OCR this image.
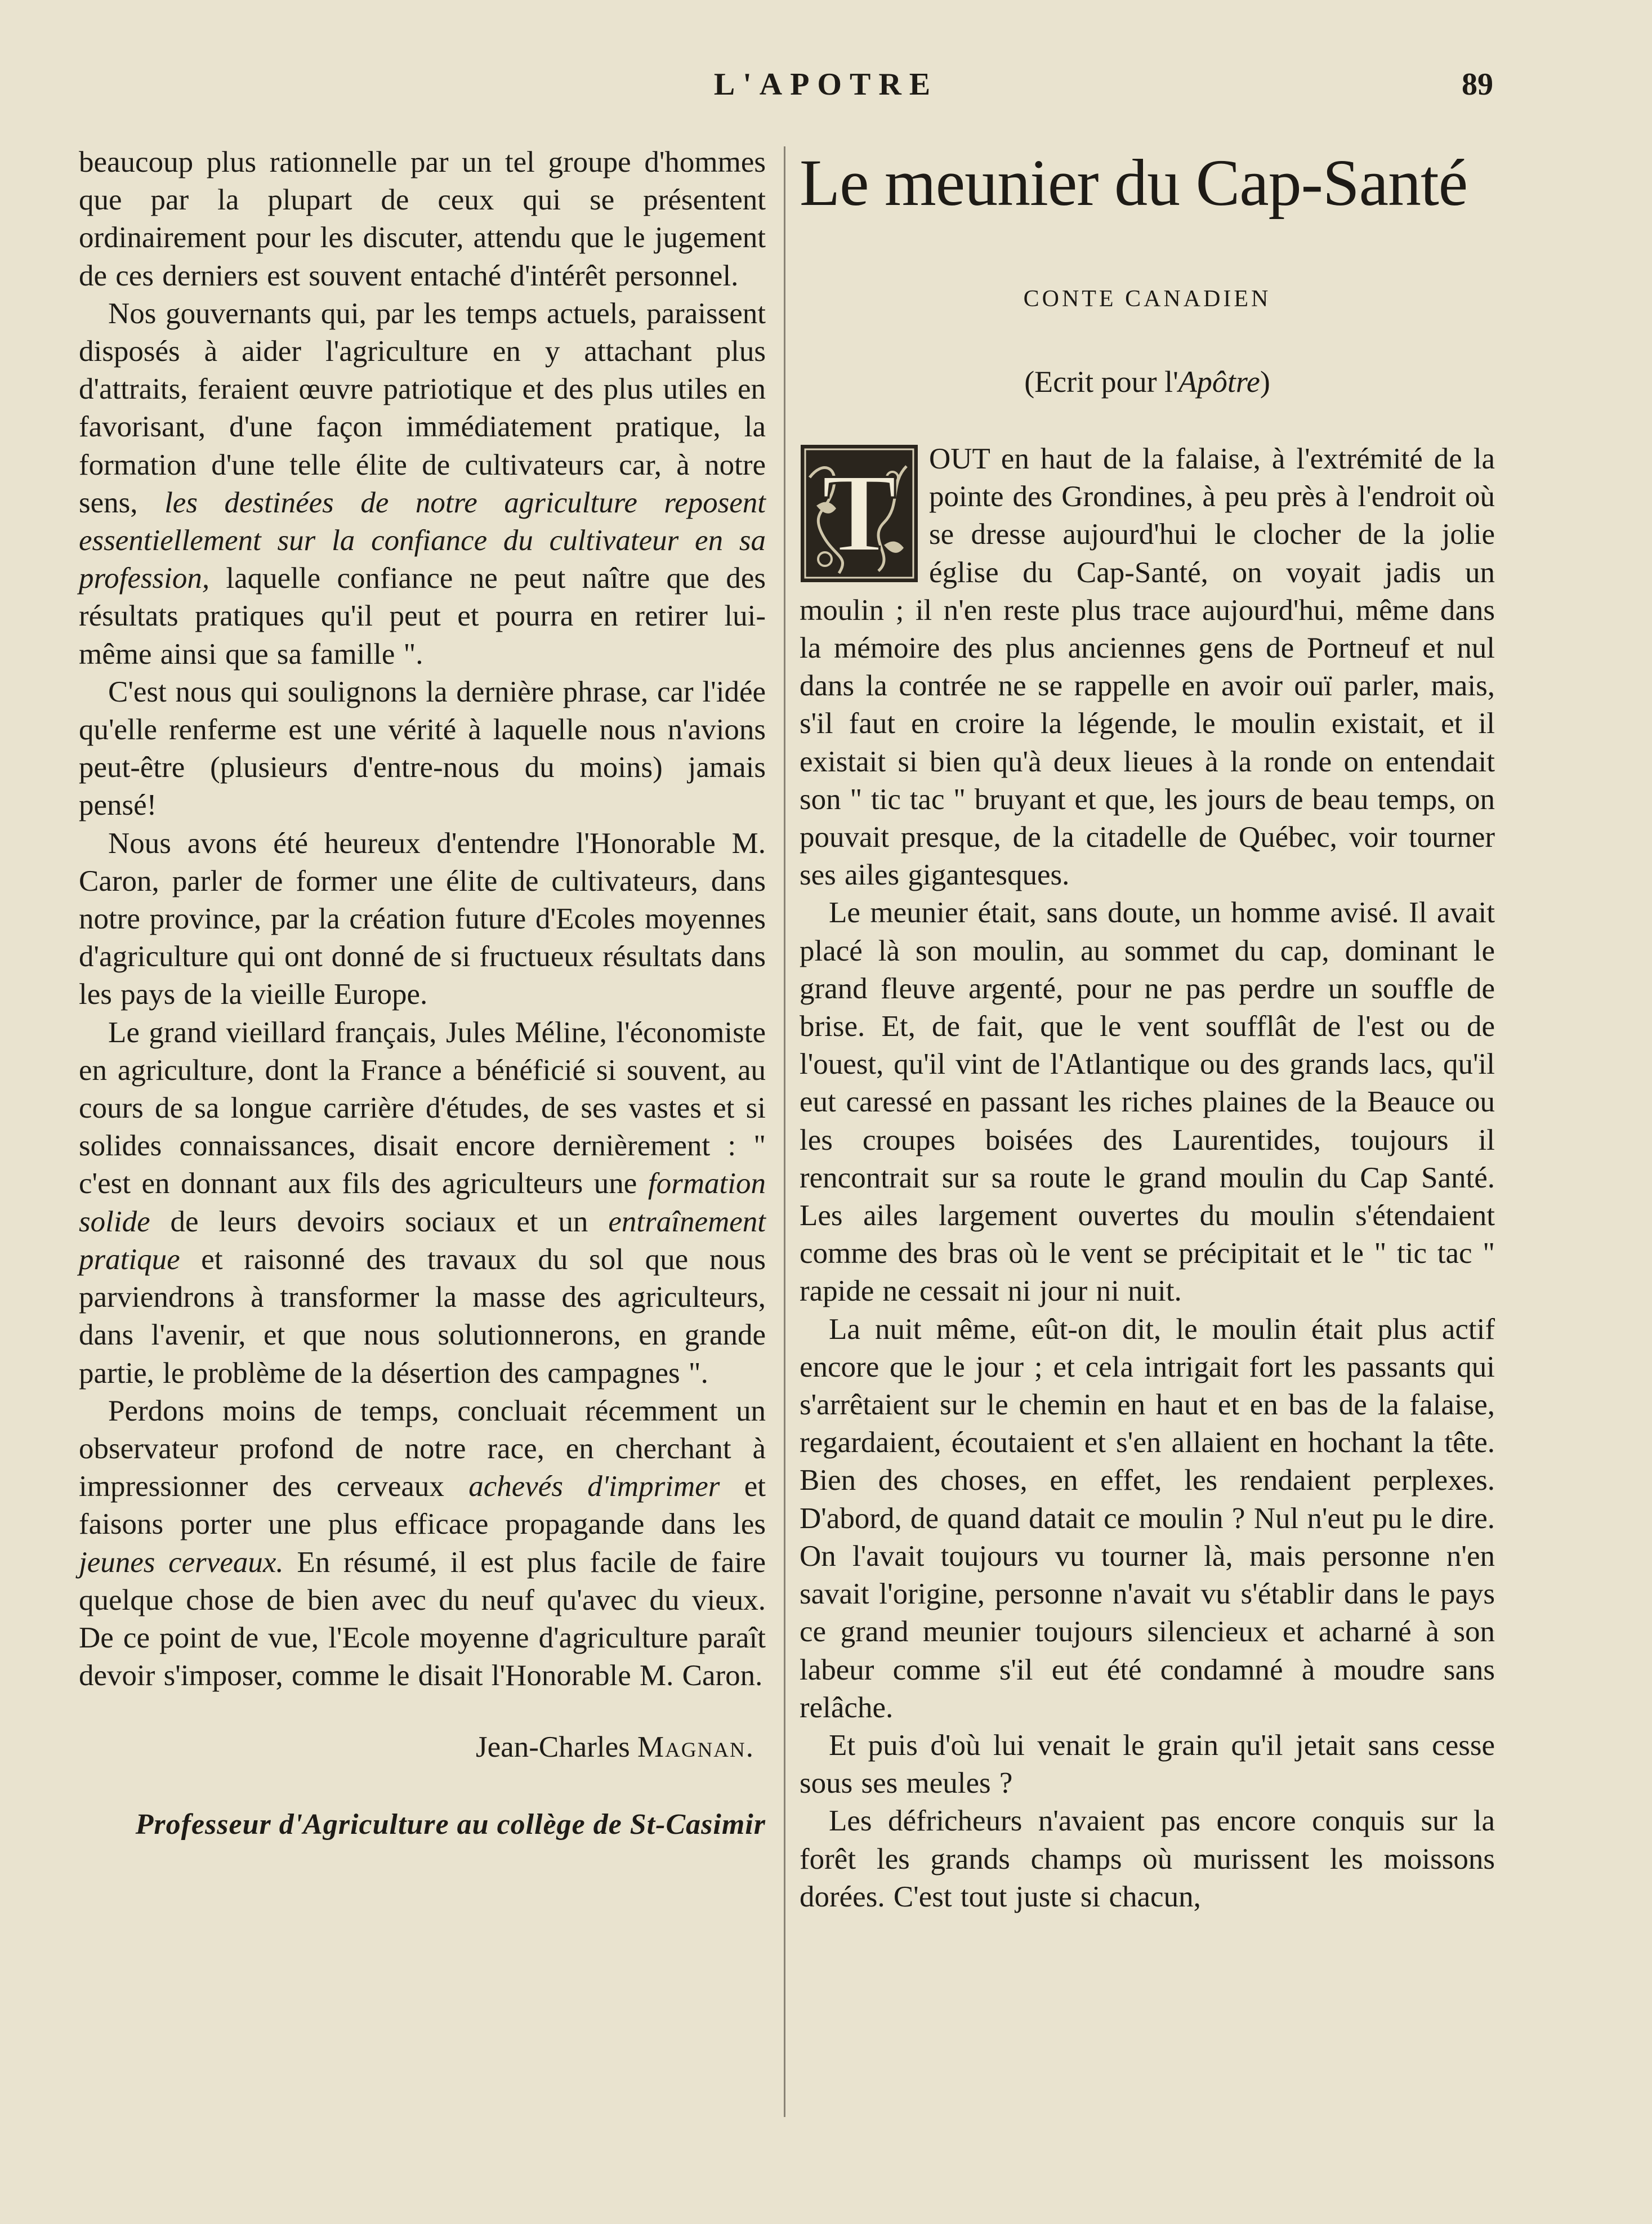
L'APOTRE	89

beaucoup plus rationnelle par un tel groupe d'hommes que par la plupart de ceux qui se présentent ordinairement pour les discuter, attendu que le jugement de ces derniers est souvent entaché d'intérêt personnel.

Nos gouvernants qui, par les temps actuels, paraissent disposés à aider l'agriculture en y attachant plus d'attraits, feraient œuvre patriotique et des plus utiles en favorisant, d'une façon immédiatement pratique, la formation d'une telle élite de cultivateurs car, à notre sens, les destinées de notre agriculture reposent essentiellement sur la confiance du cultivateur en sa profession, laquelle confiance ne peut naître que des résultats pratiques qu'il peut et pourra en retirer lui-même ainsi que sa famille ".

C'est nous qui soulignons la dernière phrase, car l'idée qu'elle renferme est une vérité à laquelle nous n'avions peut-être (plusieurs d'entre-nous du moins) jamais pensé!

Nous avons été heureux d'entendre l'Honorable M. Caron, parler de former une élite de cultivateurs, dans notre province, par la création future d'Ecoles moyennes d'agriculture qui ont donné de si fructueux résultats dans les pays de la vieille Europe.

Le grand vieillard français, Jules Méline, l'économiste en agriculture, dont la France a bénéficié si souvent, au cours de sa longue carrière d'études, de ses vastes et si solides connaissances, disait encore dernièrement : " c'est en donnant aux fils des agriculteurs une formation solide de leurs devoirs sociaux et un entraînement pratique et raisonné des travaux du sol que nous parviendrons à transformer la masse des agriculteurs, dans l'avenir, et que nous solutionnerons, en grande partie, le problème de la désertion des campagnes ".

Perdons moins de temps, concluait récemment un observateur profond de notre race, en cherchant à impressionner des cerveaux achevés d'imprimer et faisons porter une plus efficace propagande dans les jeunes cerveaux. En résumé, il est plus facile de faire quelque chose de bien avec du neuf qu'avec du vieux. De ce point de vue, l'Ecole moyenne d'agriculture paraît devoir s'imposer, comme le disait l'Honorable M. Caron.

Jean-Charles Magnan.

Professeur d'Agriculture au collège de St-Casimir

Le meunier du Cap-Santé

CONTE CANADIEN

(Ecrit pour l'Apôtre)

T	OUT en haut de la falaise, à l'extrémité de la pointe des Grondines, à peu près à l'endroit où se dresse aujourd'hui le clocher de la jolie église du Cap-Santé, on voyait jadis un moulin ; il n'en reste plus trace aujourd'hui, même dans la mémoire des plus anciennes gens de Portneuf et nul dans la contrée ne se rappelle en avoir ouï parler, mais, s'il faut en croire la légende, le moulin existait, et il existait si bien qu'à deux lieues à la ronde on entendait son " tic tac " bruyant et que, les jours de beau temps, on pouvait presque, de la citadelle de Québec, voir tourner ses ailes gigantesques.

Le meunier était, sans doute, un homme avisé. Il avait placé là son moulin, au sommet du cap, dominant le grand fleuve argenté, pour ne pas perdre un souffle de brise. Et, de fait, que le vent soufflât de l'est ou de l'ouest, qu'il vint de l'Atlantique ou des grands lacs, qu'il eut caressé en passant les riches plaines de la Beauce ou les croupes boisées des Laurentides, toujours il rencontrait sur sa route le grand moulin du Cap Santé. Les ailes largement ouvertes du moulin s'étendaient comme des bras où le vent se précipitait et le " tic tac " rapide ne cessait ni jour ni nuit.

La nuit même, eût-on dit, le moulin était plus actif encore que le jour ; et cela intrigait fort les passants qui s'arrêtaient sur le chemin en haut et en bas de la falaise, regardaient, écoutaient et s'en allaient en hochant la tête. Bien des choses, en effet, les rendaient perplexes. D'abord, de quand datait ce moulin ? Nul n'eut pu le dire. On l'avait toujours vu tourner là, mais personne n'en savait l'origine, personne n'avait vu s'établir dans le pays ce grand meunier toujours silencieux et acharné à son labeur comme s'il eut été condamné à moudre sans relâche.

Et puis d'où lui venait le grain qu'il jetait sans cesse sous ses meules ?

Les défricheurs n'avaient pas encore conquis sur la forêt les grands champs où murissent les moissons dorées. C'est tout juste si chacun,
